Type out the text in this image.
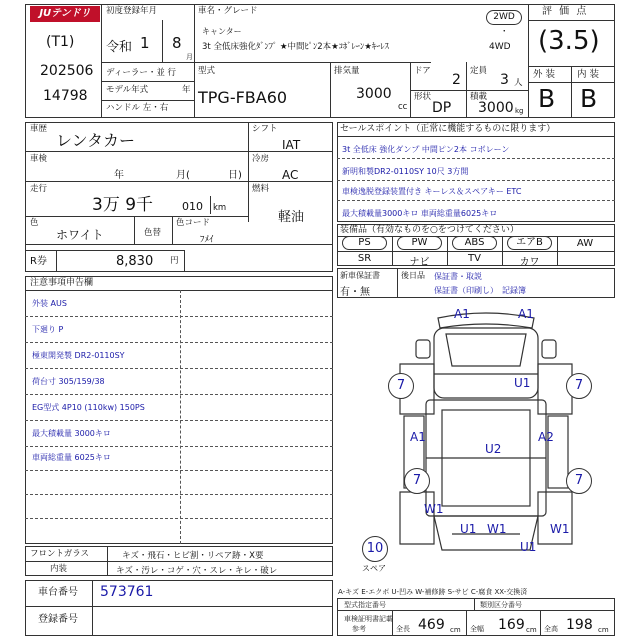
JUテンドリ
(T1)
202506
14798
初度登録年月
令和 1 8
月
車名・グレード
キャンター
3t 全低床強化ﾀﾞﾝﾌﾟ ★中間ﾋﾟﾝ2本★ｺﾎﾞﾚｰﾝ★ｷｰﾚｽ
2WD
・
4WD
評 価 点
(3.5)
外 装 内 装
B B
ディーラー・並 行
モデル年式	年
ハンドル 左・右
型式
TPG-FBA60
排気量
3000
cc
ドア
2
定員
3 人
形状
DP
積載
3000 kg
車歴
レンタカー
シフト
IAT
車検
年	月(	日)
冷房
AC
走行
3万 9千	010 km
燃料
軽油
色
ホワイト	色替
色コード
ﾌﾒｲ
R券	8,830 円
セールスポイント（正常に機能するものに限ります）
3t 全低床 強化ダンプ 中間ピン2本 コボレーン
新明和製DR2-0110SY 10尺 3方開
車検逸脱登録装置付き キーレス＆スペアキー ETC
最大積載量3000キロ 車両総重量6025キロ
装備品（有効なものを○をつけてください）
PS	PW	ABS	エアB	AW
SR	ナビ	TV	カワ
新車保証書
有・無
後日品 保証書・取説
保証書（印刷し）　記録簿
注意事項申告欄
外装 AUS
下廻り P
極東開発製 DR2-0110SY
荷台寸 305/159/38
EG型式 4P10 (110kw) 150PS
最大積載量 3000キロ
車両総重量 6025キロ
A1	A1
7	U1	7
A1
U2
A2
7	7
W1
U1 W1	W1
U1
10
スペア
フロントガラス	キズ・飛石・ヒビ割・リペア跡・X要
内装	キズ・汚レ・コゲ・穴・スレ・キレ・破レ
A-キズ E-エクボ U-凹み W-補修跡 S-サビ C-腐食 XX-交換済
車台番号 573761
登録番号
型式指定番号	類別区分番号
車検証明書記載
参考	全長 469 cm 全幅 169 cm 全高 198 cm
